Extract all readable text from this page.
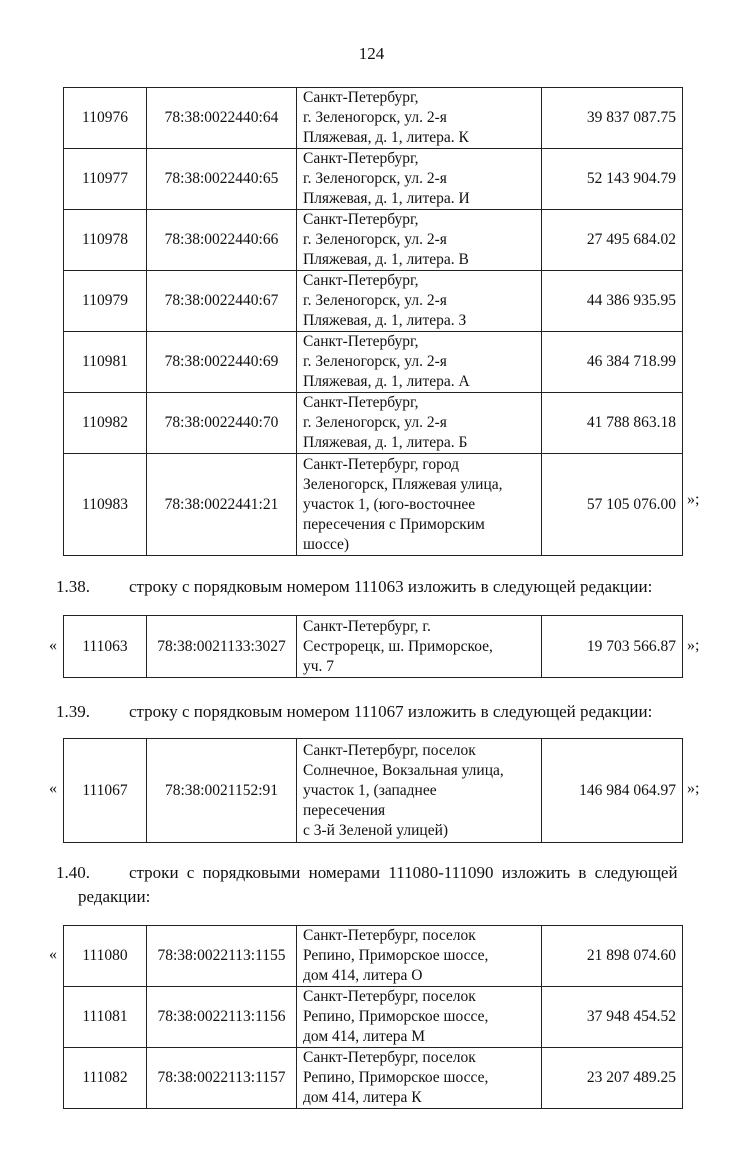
124
110976	78:38:0022440:64	Санкт-Петербург,
г. Зеленогорск, ул. 2-я
Пляжевая, д. 1, литера. К	39 837 087.75
110977	78:38:0022440:65	Санкт-Петербург,
г. Зеленогорск, ул. 2-я
Пляжевая, д. 1, литера. И	52 143 904.79
110978	78:38:0022440:66	Санкт-Петербург,
г. Зеленогорск, ул. 2-я
Пляжевая, д. 1, литера. В	27 495 684.02
110979	78:38:0022440:67	Санкт-Петербург,
г. Зеленогорск, ул. 2-я
Пляжевая, д. 1, литера. З	44 386 935.95
110981	78:38:0022440:69	Санкт-Петербург,
г. Зеленогорск, ул. 2-я
Пляжевая, д. 1, литера. А	46 384 718.99
110982	78:38:0022440:70	Санкт-Петербург,
г. Зеленогорск, ул. 2-я
Пляжевая, д. 1, литера. Б	41 788 863.18
110983	78:38:0022441:21	Санкт-Петербург, город
Зеленогорск, Пляжевая улица,
участок 1, (юго-восточнее
пересечения с Приморским
шоссе)	57 105 076.00 »;
1.38. строку с порядковым номером 111063 изложить в следующей редакции:
« 111063	78:38:0021133:3027	
Санкт-Петербург, г.
Сестрорецк, ш. Приморское,
уч. 7
	19 703 566.87 »;
1.39. строку с порядковым номером 111067 изложить в следующей редакции:
« 111067	78:38:0021152:91	
Санкт-Петербург, поселок
Солнечное, Вокзальная улица,
участок 1, (западнее
пересечения
с 3-й Зеленой улицей)
	146 984 064.97 »;
1.40. строки с порядковыми номерами 111080-111090 изложить в следующей
редакции:
« 111080	78:38:0022113:1155	Санкт-Петербург, поселок
Репино, Приморское шоссе,
дом 414, литера О	21 898 074.60
111081	78:38:0022113:1156	Санкт-Петербург, поселок
Репино, Приморское шоссе,
дом 414, литера М	37 948 454.52
111082	78:38:0022113:1157	Санкт-Петербург, поселок
Репино, Приморское шоссе,
дом 414, литера К	23 207 489.25
